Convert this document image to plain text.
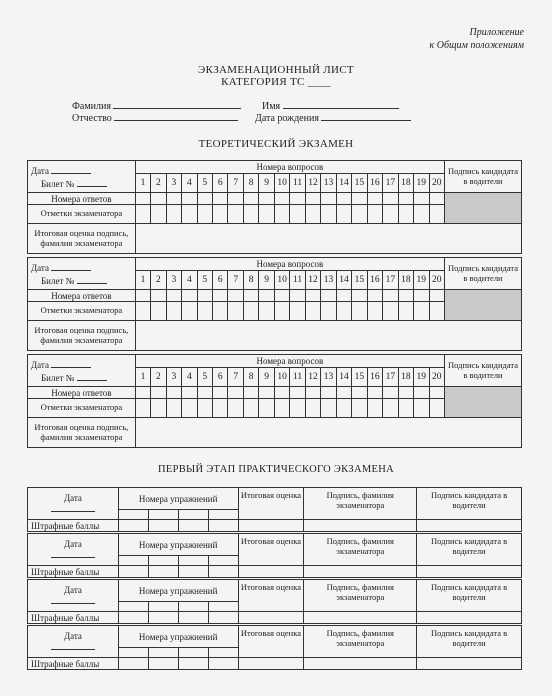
Приложение
к Общим положениям
ЭКЗАМЕНАЦИОННЫЙ ЛИСТ
КАТЕГОРИЯ ТС ____
Фамилия	Имя
Отчество	Дата рождения
ТЕОРЕТИЧЕСКИЙ ЭКЗАМЕН
Дата
Билет №	Номера вопросов																				Подпись кандидата в водители
	1	2	3	4	5	6	7	8	9	10	11	12	13	14	15	16	17	18	19	20	
Номера ответов																					
Отметки экзаменатора																					
Итоговая оценка подпись, фамилия экзаменатора																					
Дата
Билет №	Номера вопросов																				Подпись кандидата в водители
	1	2	3	4	5	6	7	8	9	10	11	12	13	14	15	16	17	18	19	20	
Номера ответов																					
Отметки экзаменатора																					
Итоговая оценка подпись, фамилия экзаменатора																					
Дата
Билет №	Номера вопросов																				Подпись кандидата в водители
	1	2	3	4	5	6	7	8	9	10	11	12	13	14	15	16	17	18	19	20	
Номера ответов																					
Отметки экзаменатора																					
Итоговая оценка подпись, фамилия экзаменатора																					
ПЕРВЫЙ ЭТАП ПРАКТИЧЕСКОГО ЭКЗАМЕНА
Дата	Номера упражнений				Итоговая оценка	Подпись, фамилия экзаменатора	Подпись кандидата в водители

Штрафные баллы							
Дата	Номера упражнений				Итоговая оценка	Подпись, фамилия экзаменатора	Подпись кандидата в водители

Штрафные баллы							
Дата	Номера упражнений				Итоговая оценка	Подпись, фамилия экзаменатора	Подпись кандидата в водители

Штрафные баллы							
Дата	Номера упражнений				Итоговая оценка	Подпись, фамилия экзаменатора	Подпись кандидата в водители

Штрафные баллы							
